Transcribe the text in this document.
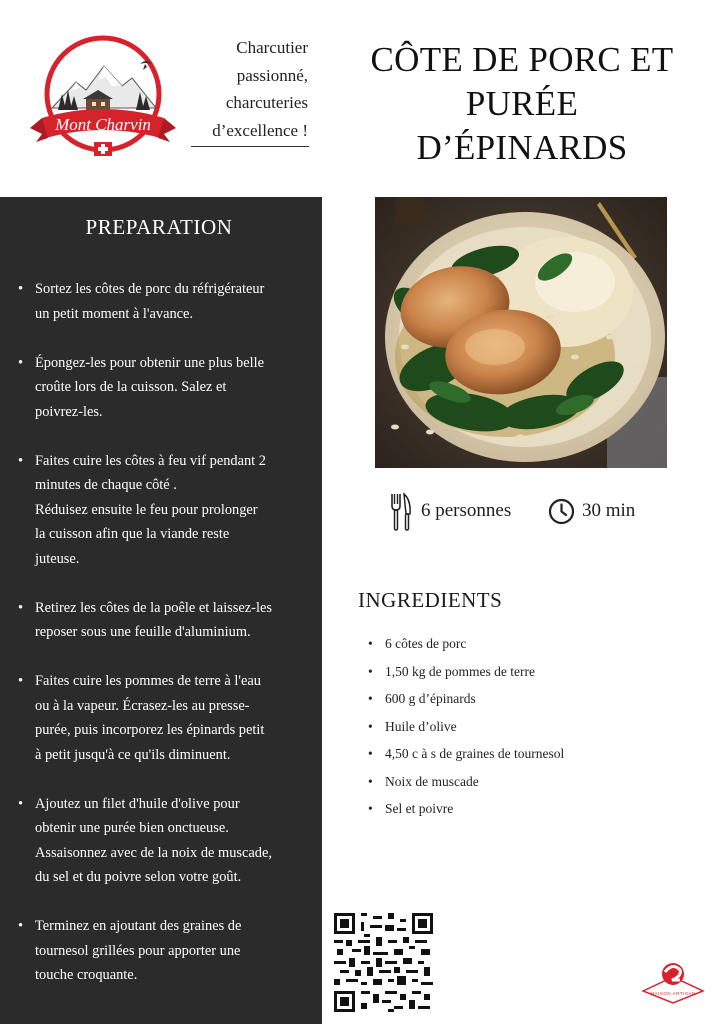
Mont Charvin
Charcutier
passionné,
charcuteries
d’excellence !
CÔTE DE PORC ET
PURÉE
D’ÉPINARDS
PREPARATION
• Sortez les côtes de porc du réfrigérateur
un petit moment à l'avance.
• Épongez-les pour obtenir une plus belle
croûte lors de la cuisson. Salez et
poivrez-les.
• Faites cuire les côtes à feu vif pendant 2
minutes de chaque côté .
Réduisez ensuite le feu pour prolonger
la cuisson afin que la viande reste
juteuse.
• Retirez les côtes de la poêle et laissez-les
reposer sous une feuille d'aluminium.
• Faites cuire les pommes de terre à l'eau
ou à la vapeur. Écrasez-les au presse-
purée, puis incorporez les épinards petit
à petit jusqu'à ce qu'ils diminuent.
• Ajoutez un filet d'huile d'olive pour
obtenir une purée bien onctueuse.
Assaisonnez avec de la noix de muscade,
du sel et du poivre selon votre goût.
• Terminez en ajoutant des graines de
tournesol grillées pour apporter une
touche croquante.
6 personnes	30 min
INGREDIENTS
• 6 côtes de porc
• 1,50 kg de pommes de terre
• 600 g d’épinards
• Huile d’olive
• 4,50 c à s de graines de tournesol
• Noix de muscade
• Sel et poivre
MAISON ARTISAN
